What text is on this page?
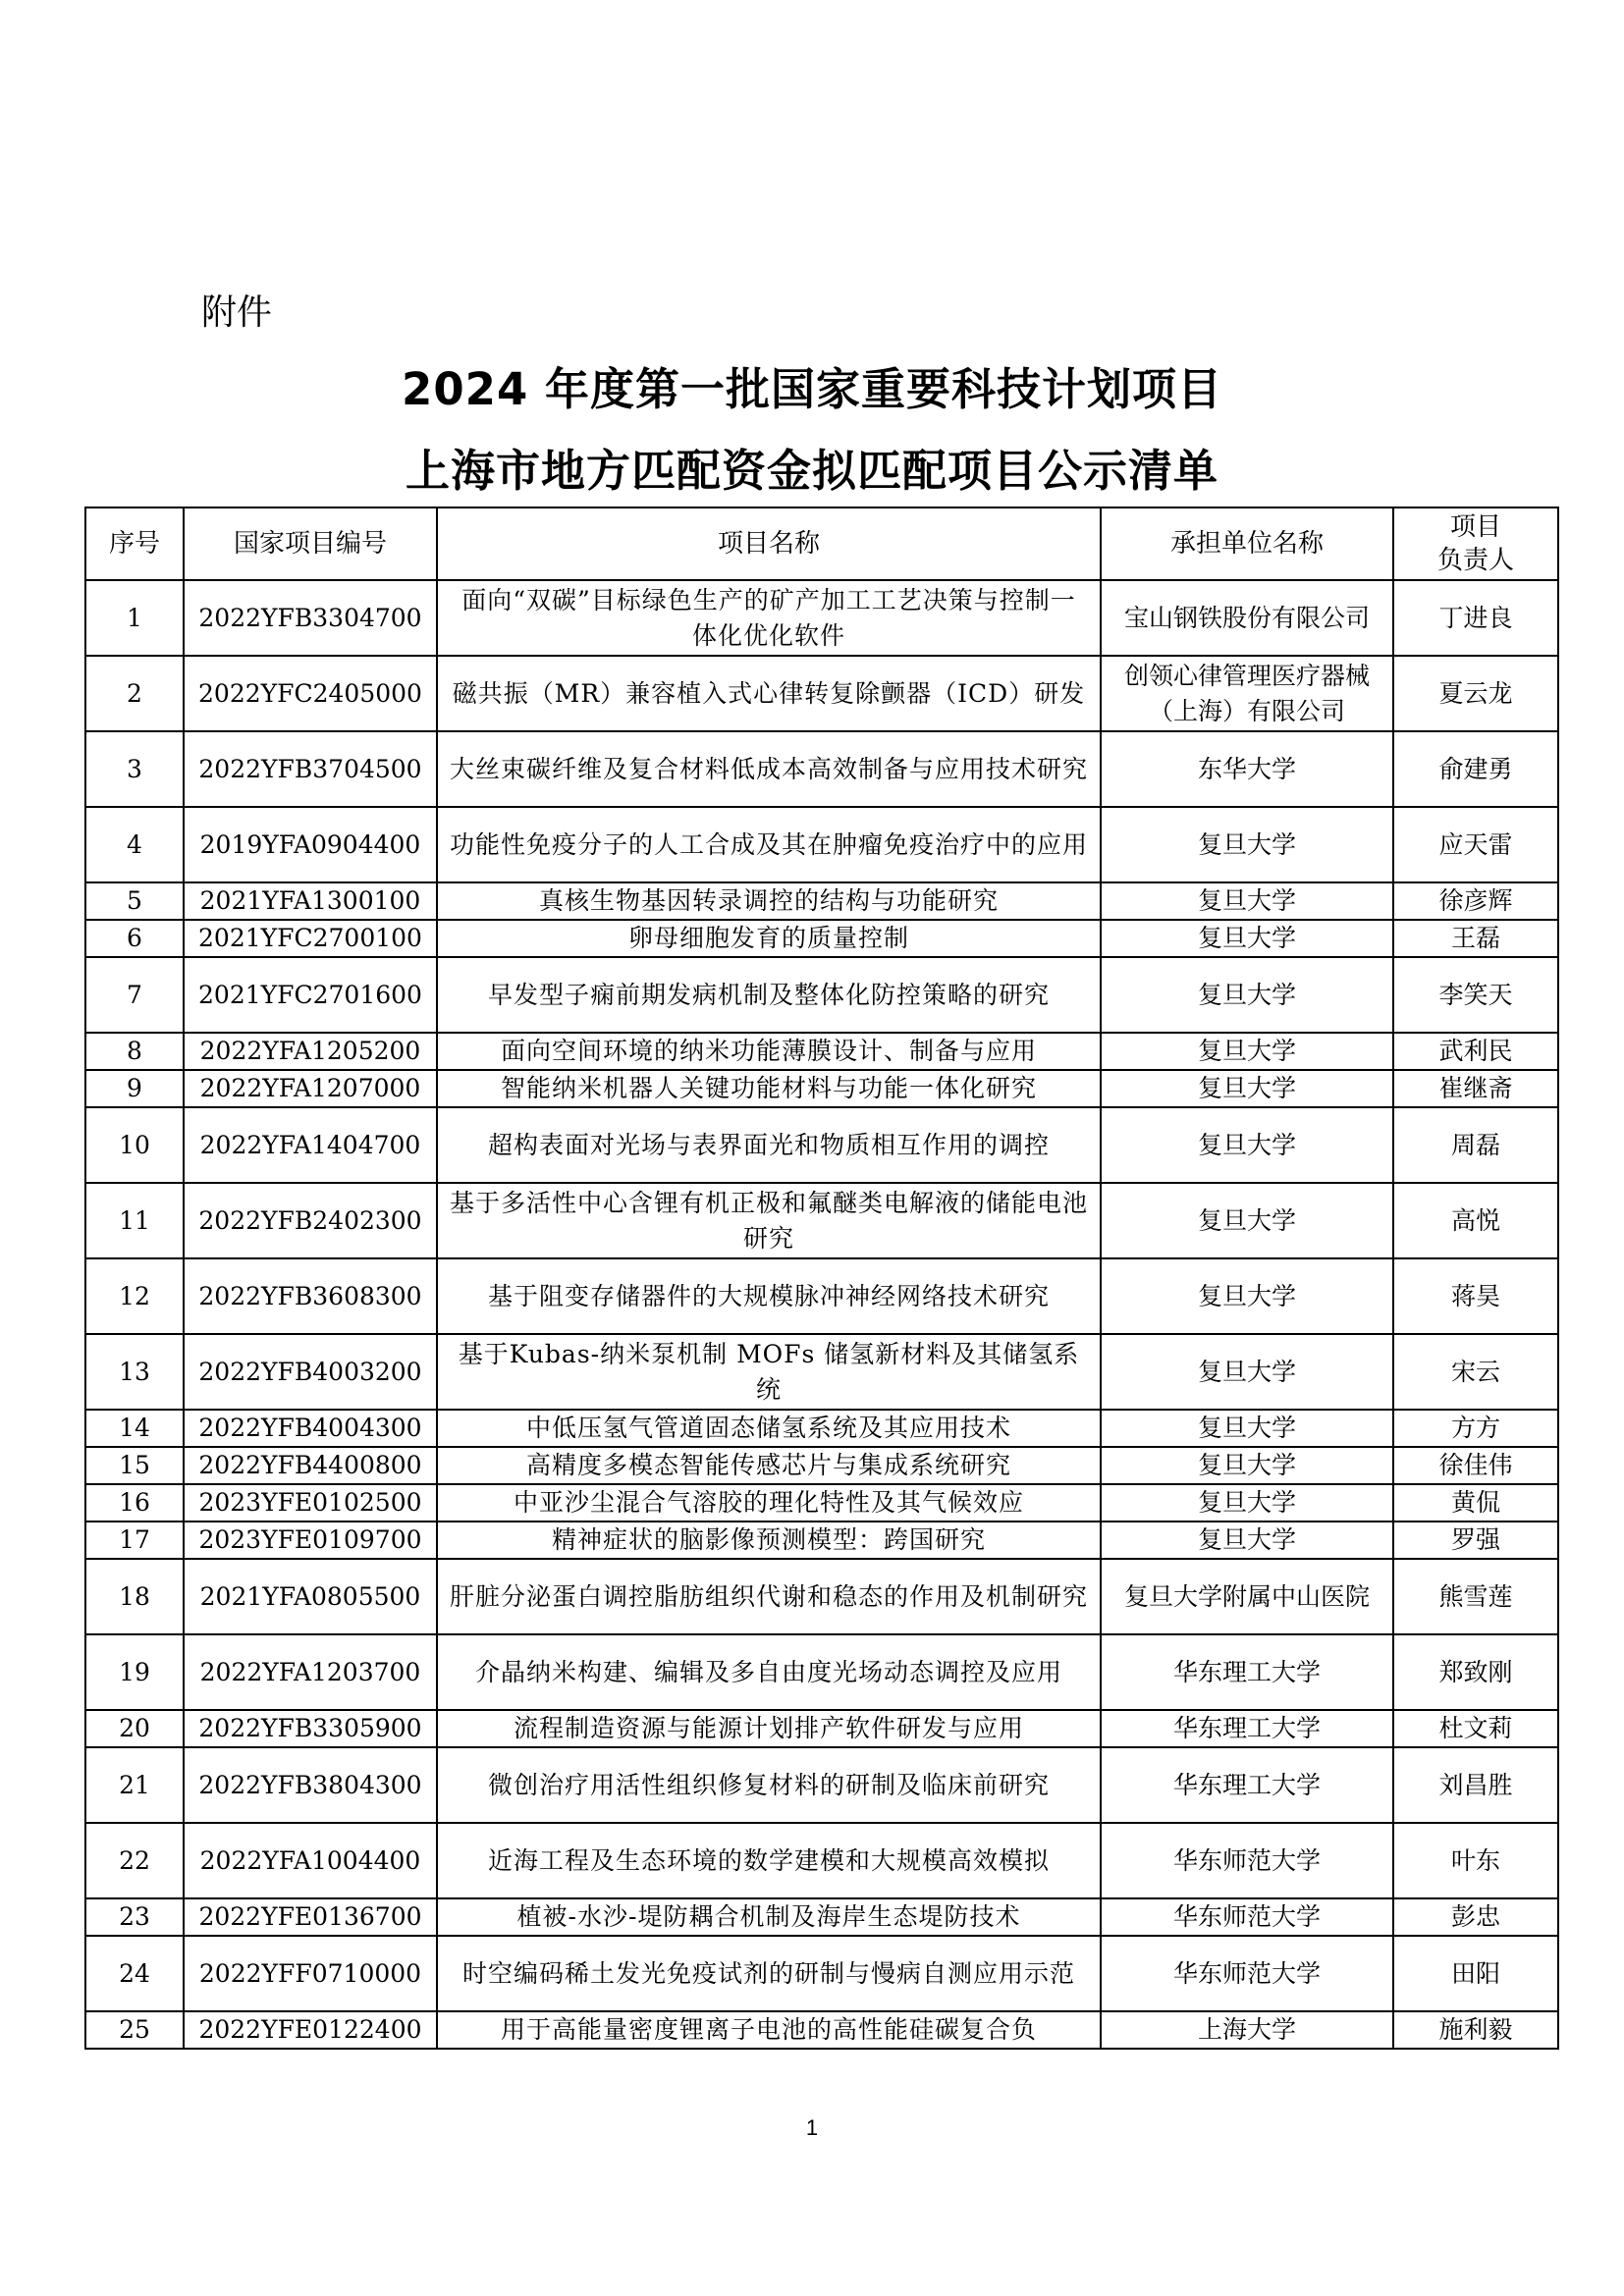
附件
2024 年度第一批国家重要科技计划项目
上海市地方匹配资金拟匹配项目公示清单
序号	国家项目编号	项目名称	承担单位名称	项目
负责人
1	2022YFB3304700	面向“双碳”目标绿色生产的矿产加工工艺决策与控制一体化优化软件	宝山钢铁股份有限公司	丁进良
2	2022YFC2405000	磁共振（MR）兼容植入式心律转复除颤器（ICD）研发	创领心律管理医疗器械（上海）有限公司	夏云龙
3	2022YFB3704500	大丝束碳纤维及复合材料低成本高效制备与应用技术研究	东华大学	俞建勇
4	2019YFA0904400	功能性免疫分子的人工合成及其在肿瘤免疫治疗中的应用	复旦大学	应天雷
5	2021YFA1300100	真核生物基因转录调控的结构与功能研究	复旦大学	徐彦辉
6	2021YFC2700100	卵母细胞发育的质量控制	复旦大学	王磊
7	2021YFC2701600	早发型子痫前期发病机制及整体化防控策略的研究	复旦大学	李笑天
8	2022YFA1205200	面向空间环境的纳米功能薄膜设计、制备与应用	复旦大学	武利民
9	2022YFA1207000	智能纳米机器人关键功能材料与功能一体化研究	复旦大学	崔继斋
10	2022YFA1404700	超构表面对光场与表界面光和物质相互作用的调控	复旦大学	周磊
11	2022YFB2402300	基于多活性中心含锂有机正极和氟醚类电解液的储能电池研究	复旦大学	高悦
12	2022YFB3608300	基于阻变存储器件的大规模脉冲神经网络技术研究	复旦大学	蒋昊
13	2022YFB4003200	基于Kubas-纳米泵机制 MOFs 储氢新材料及其储氢系统	复旦大学	宋云
14	2022YFB4004300	中低压氢气管道固态储氢系统及其应用技术	复旦大学	方方
15	2022YFB4400800	高精度多模态智能传感芯片与集成系统研究	复旦大学	徐佳伟
16	2023YFE0102500	中亚沙尘混合气溶胶的理化特性及其气候效应	复旦大学	黄侃
17	2023YFE0109700	精神症状的脑影像预测模型：跨国研究	复旦大学	罗强
18	2021YFA0805500	肝脏分泌蛋白调控脂肪组织代谢和稳态的作用及机制研究	复旦大学附属中山医院	熊雪莲
19	2022YFA1203700	介晶纳米构建、编辑及多自由度光场动态调控及应用	华东理工大学	郑致刚
20	2022YFB3305900	流程制造资源与能源计划排产软件研发与应用	华东理工大学	杜文莉
21	2022YFB3804300	微创治疗用活性组织修复材料的研制及临床前研究	华东理工大学	刘昌胜
22	2022YFA1004400	近海工程及生态环境的数学建模和大规模高效模拟	华东师范大学	叶东
23	2022YFE0136700	植被-水沙-堤防耦合机制及海岸生态堤防技术	华东师范大学	彭忠
24	2022YFF0710000	时空编码稀土发光免疫试剂的研制与慢病自测应用示范	华东师范大学	田阳
25	2022YFE0122400	用于高能量密度锂离子电池的高性能硅碳复合负	上海大学	施利毅
1
